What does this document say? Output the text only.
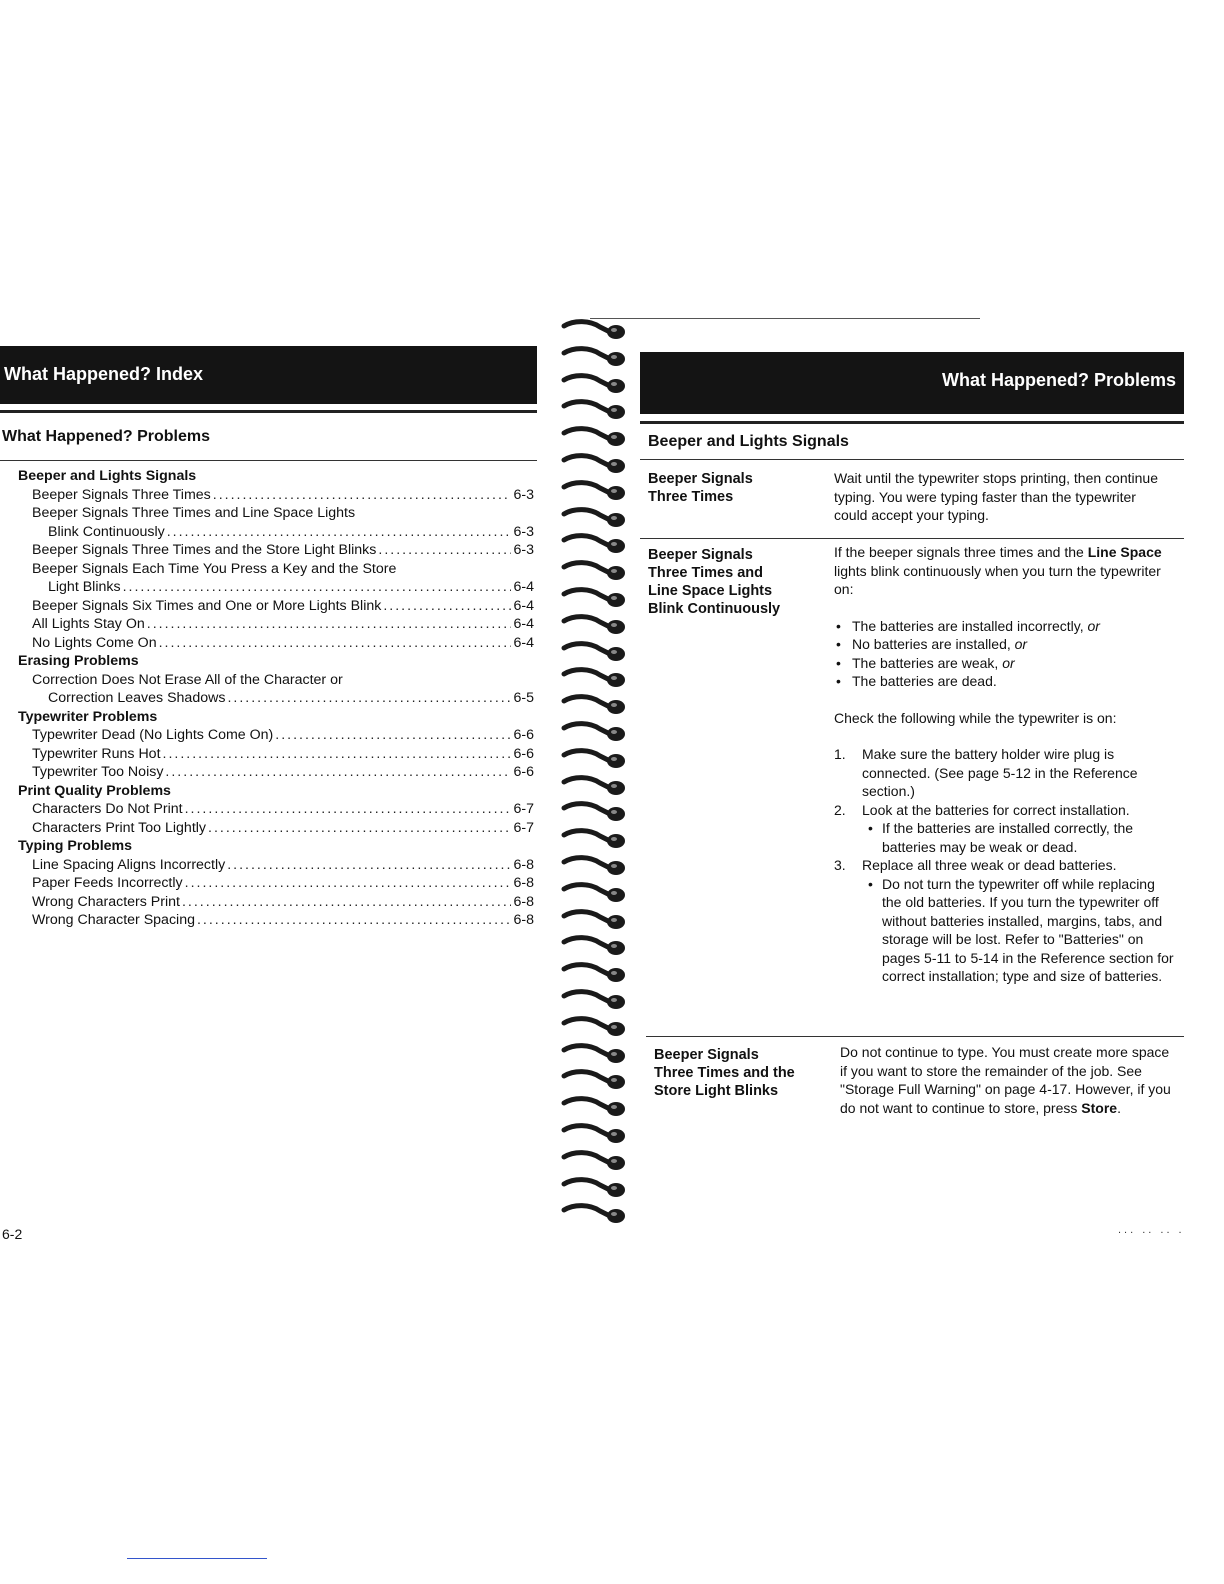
What Happened? Index
What Happened? Problems
Beeper and Lights Signals
Beeper Signals Three Times .....	6-3
Beeper Signals Three Times and Line Space Lights
Blink Continuously .....	6-3
Beeper Signals Three Times and the Store Light Blinks .....	6-3
Beeper Signals Each Time You Press a Key and the Store
Light Blinks .....	6-4
Beeper Signals Six Times and One or More Lights Blink .....	6-4
All Lights Stay On .....	6-4
No Lights Come On .....	6-4
Erasing Problems
Correction Does Not Erase All of the Character or
Correction Leaves Shadows .....	6-5
Typewriter Problems
Typewriter Dead (No Lights Come On) .....	6-6
Typewriter Runs Hot .....	6-6
Typewriter Too Noisy .....	6-6
Print Quality Problems
Characters Do Not Print .....	6-7
Characters Print Too Lightly .....	6-7
Typing Problems
Line Spacing Aligns Incorrectly .....	6-8
Paper Feeds Incorrectly .....	6-8
Wrong Characters Print .....	6-8
Wrong Character Spacing .....	6-8
6-2
What Happened? Problems
Beeper and Lights Signals
Beeper Signals
Three Times
Wait until the typewriter stops printing, then continue typing. You were typing faster than the typewriter could accept your typing.
Beeper Signals
Three Times and
Line Space Lights
Blink Continuously
If the beeper signals three times and the Line Space lights blink continuously when you turn the typewriter on:
• The batteries are installed incorrectly, or
• No batteries are installed, or
• The batteries are weak, or
• The batteries are dead.
Check the following while the typewriter is on:
1. Make sure the battery holder wire plug is connected. (See page 5-12 in the Reference section.)
2. Look at the batteries for correct installation.
• If the batteries are installed correctly, the batteries may be weak or dead.
3. Replace all three weak or dead batteries.
• Do not turn the typewriter off while replacing the old batteries. If you turn the typewriter off without batteries installed, margins, tabs, and storage will be lost. Refer to "Batteries" on pages 5-11 to 5-14 in the Reference section for correct installation; type and size of batteries.
Beeper Signals
Three Times and the
Store Light Blinks
Do not continue to type. You must create more space if you want to store the remainder of the job. See "Storage Full Warning" on page 4-17. However, if you do not want to continue to store, press Store.
... .. .. .
